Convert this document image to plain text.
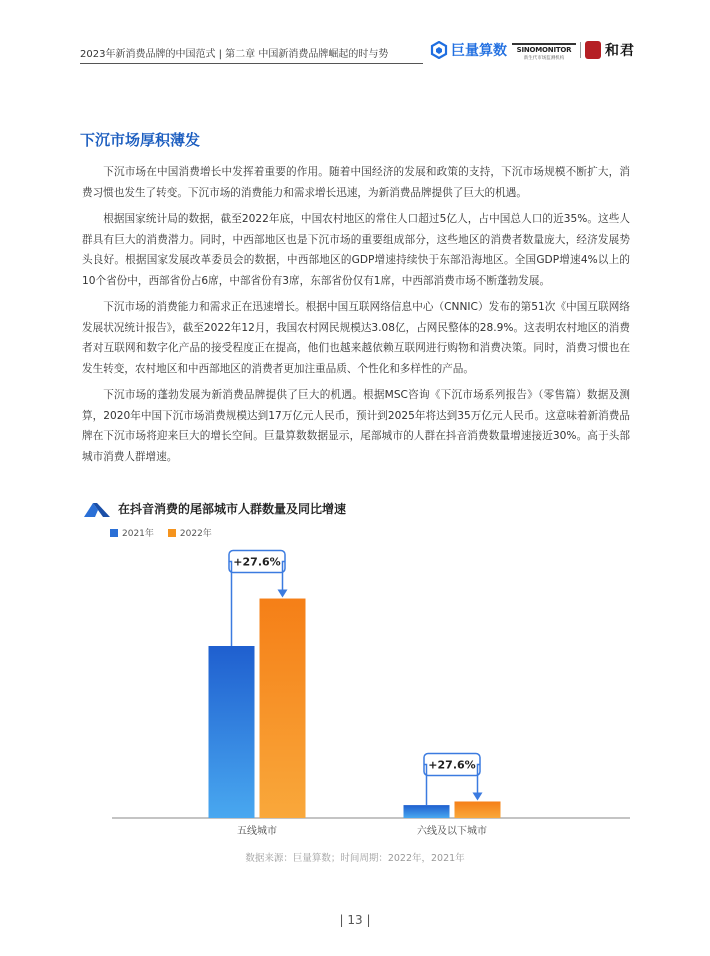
2023年新消费品牌的中国范式 | 第二章 中国新消费品牌崛起的时与势	巨量算数	SINOMONITOR
新生代市场监测机构	和君
下沉市场厚积薄发

下沉市场在中国消费增长中发挥着重要的作用。随着中国经济的发展和政策的支持，下沉市场规模不断扩大，消费习惯也发生了转变。下沉市场的消费能力和需求增长迅速，为新消费品牌提供了巨大的机遇。

根据国家统计局的数据，截至2022年底，中国农村地区的常住人口超过5亿人，占中国总人口的近35%。这些人群具有巨大的消费潜力。同时，中西部地区也是下沉市场的重要组成部分，这些地区的消费者数量庞大，经济发展势头良好。根据国家发展改革委员会的数据，中西部地区的GDP增速持续快于东部沿海地区。全国GDP增速4%以上的10个省份中，西部省份占6席，中部省份有3席，东部省份仅有1席，中西部消费市场不断蓬勃发展。

下沉市场的消费能力和需求正在迅速增长。根据中国互联网络信息中心（CNNIC）发布的第51次《中国互联网络发展状况统计报告》，截至2022年12月，我国农村网民规模达3.08亿，占网民整体的28.9%。这表明农村地区的消费者对互联网和数字化产品的接受程度正在提高，他们也越来越依赖互联网进行购物和消费决策。同时，消费习惯也在发生转变，农村地区和中西部地区的消费者更加注重品质、个性化和多样性的产品。

下沉市场的蓬勃发展为新消费品牌提供了巨大的机遇。根据MSC咨询《下沉市场系列报告》（零售篇）数据及测算，2020年中国下沉市场消费规模达到17万亿元人民币，预计到2025年将达到35万亿元人民币。这意味着新消费品牌在下沉市场将迎来巨大的增长空间。巨量算数数据显示，尾部城市的人群在抖音消费数量增速接近30%。高于头部城市消费人群增速。

在抖音消费的尾部城市人群数量及同比增速
2021年	2022年
五线城市
+27.6%
六线及以下城市
+27.6%
数据来源：巨量算数；时间周期：2022年，2021年
| 13 |
